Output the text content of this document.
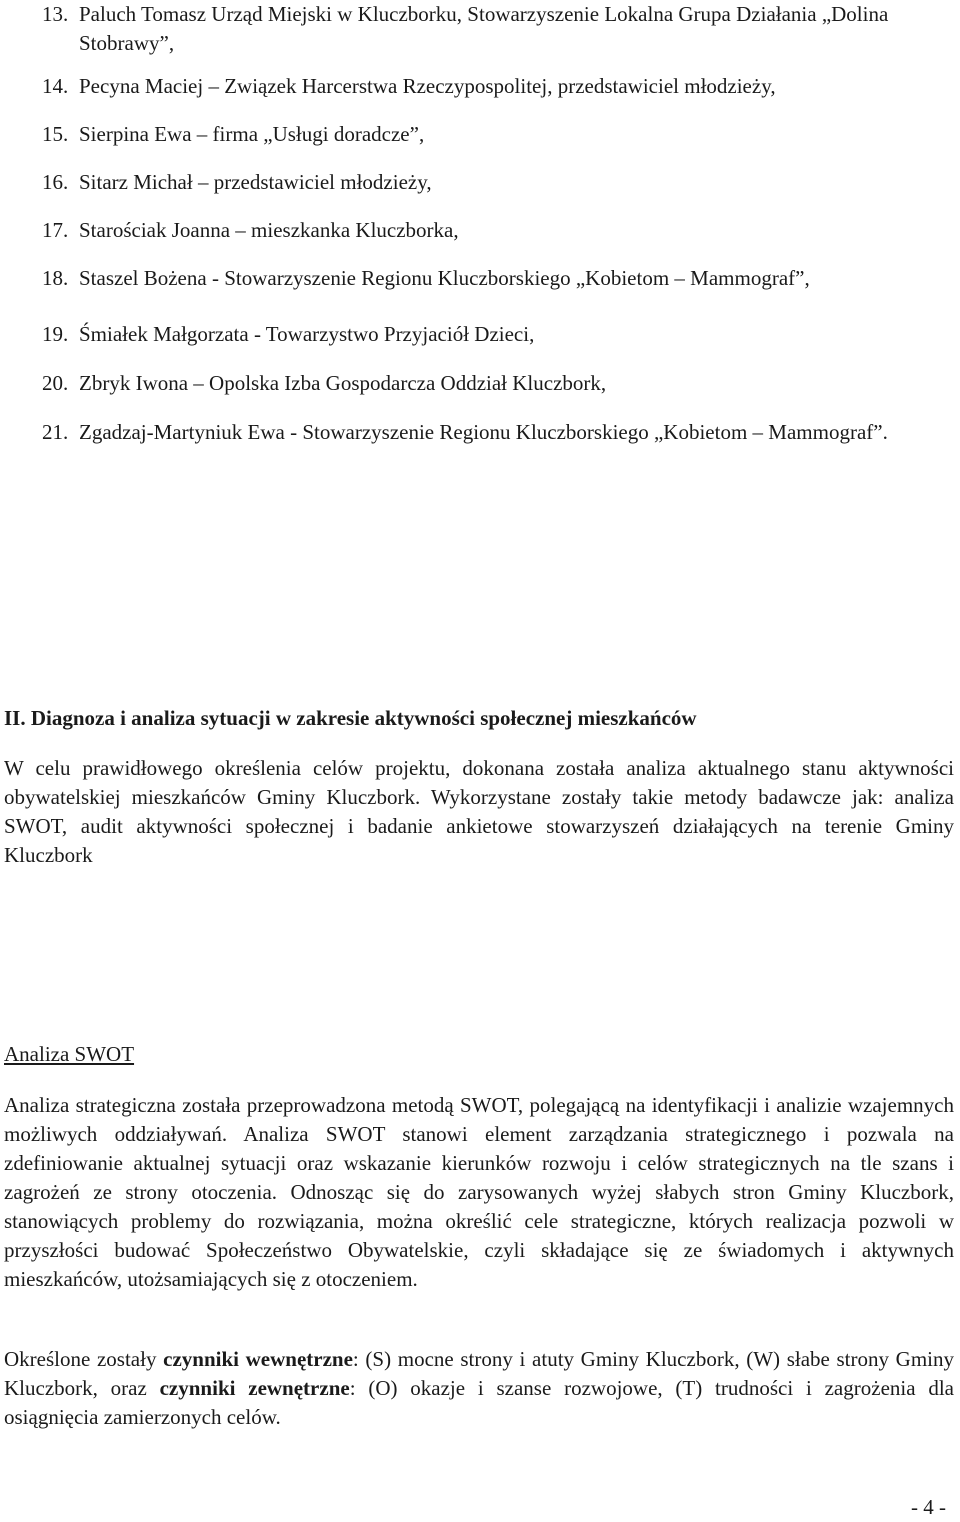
13. Paluch Tomasz Urząd Miejski w Kluczborku, Stowarzyszenie Lokalna Grupa Działania „Dolina Stobrawy”,
14. Pecyna Maciej – Związek Harcerstwa Rzeczypospolitej, przedstawiciel młodzieży,
15. Sierpina Ewa – firma „Usługi doradcze”,
16. Sitarz Michał – przedstawiciel młodzieży,
17. Starościak Joanna – mieszkanka Kluczborka,
18. Staszel Bożena - Stowarzyszenie Regionu Kluczborskiego „Kobietom – Mammograf”,
19. Śmiałek Małgorzata - Towarzystwo Przyjaciół Dzieci,
20. Zbryk Iwona – Opolska Izba Gospodarcza Oddział Kluczbork,
21. Zgadzaj-Martyniuk Ewa - Stowarzyszenie Regionu Kluczborskiego „Kobietom – Mammograf”.

II. Diagnoza i analiza sytuacji w zakresie aktywności społecznej mieszkańców

W celu prawidłowego określenia celów projektu, dokonana została analiza aktualnego stanu aktywności obywatelskiej mieszkańców Gminy Kluczbork. Wykorzystane zostały takie metody badawcze jak: analiza SWOT, audit aktywności społecznej i badanie ankietowe stowarzyszeń działających na terenie Gminy Kluczbork

Analiza SWOT

Analiza strategiczna została przeprowadzona metodą SWOT, polegającą na identyfikacji i analizie wzajemnych możliwych oddziaływań. Analiza SWOT stanowi element zarządzania strategicznego i pozwala na zdefiniowanie aktualnej sytuacji oraz wskazanie kierunków rozwoju i celów strategicznych na tle szans i zagrożeń ze strony otoczenia. Odnosząc się do zarysowanych wyżej słabych stron Gminy Kluczbork, stanowiących problemy do rozwiązania, można określić cele strategiczne, których realizacja pozwoli w przyszłości budować Społeczeństwo Obywatelskie, czyli składające się ze świadomych i aktywnych mieszkańców, utożsamiających się z otoczeniem.

Określone zostały czynniki wewnętrzne: (S) mocne strony i atuty Gminy Kluczbork, (W) słabe strony Gminy Kluczbork, oraz czynniki zewnętrzne: (O) okazje i szanse rozwojowe, (T) trudności i zagrożenia dla osiągnięcia zamierzonych celów.

- 4 -
